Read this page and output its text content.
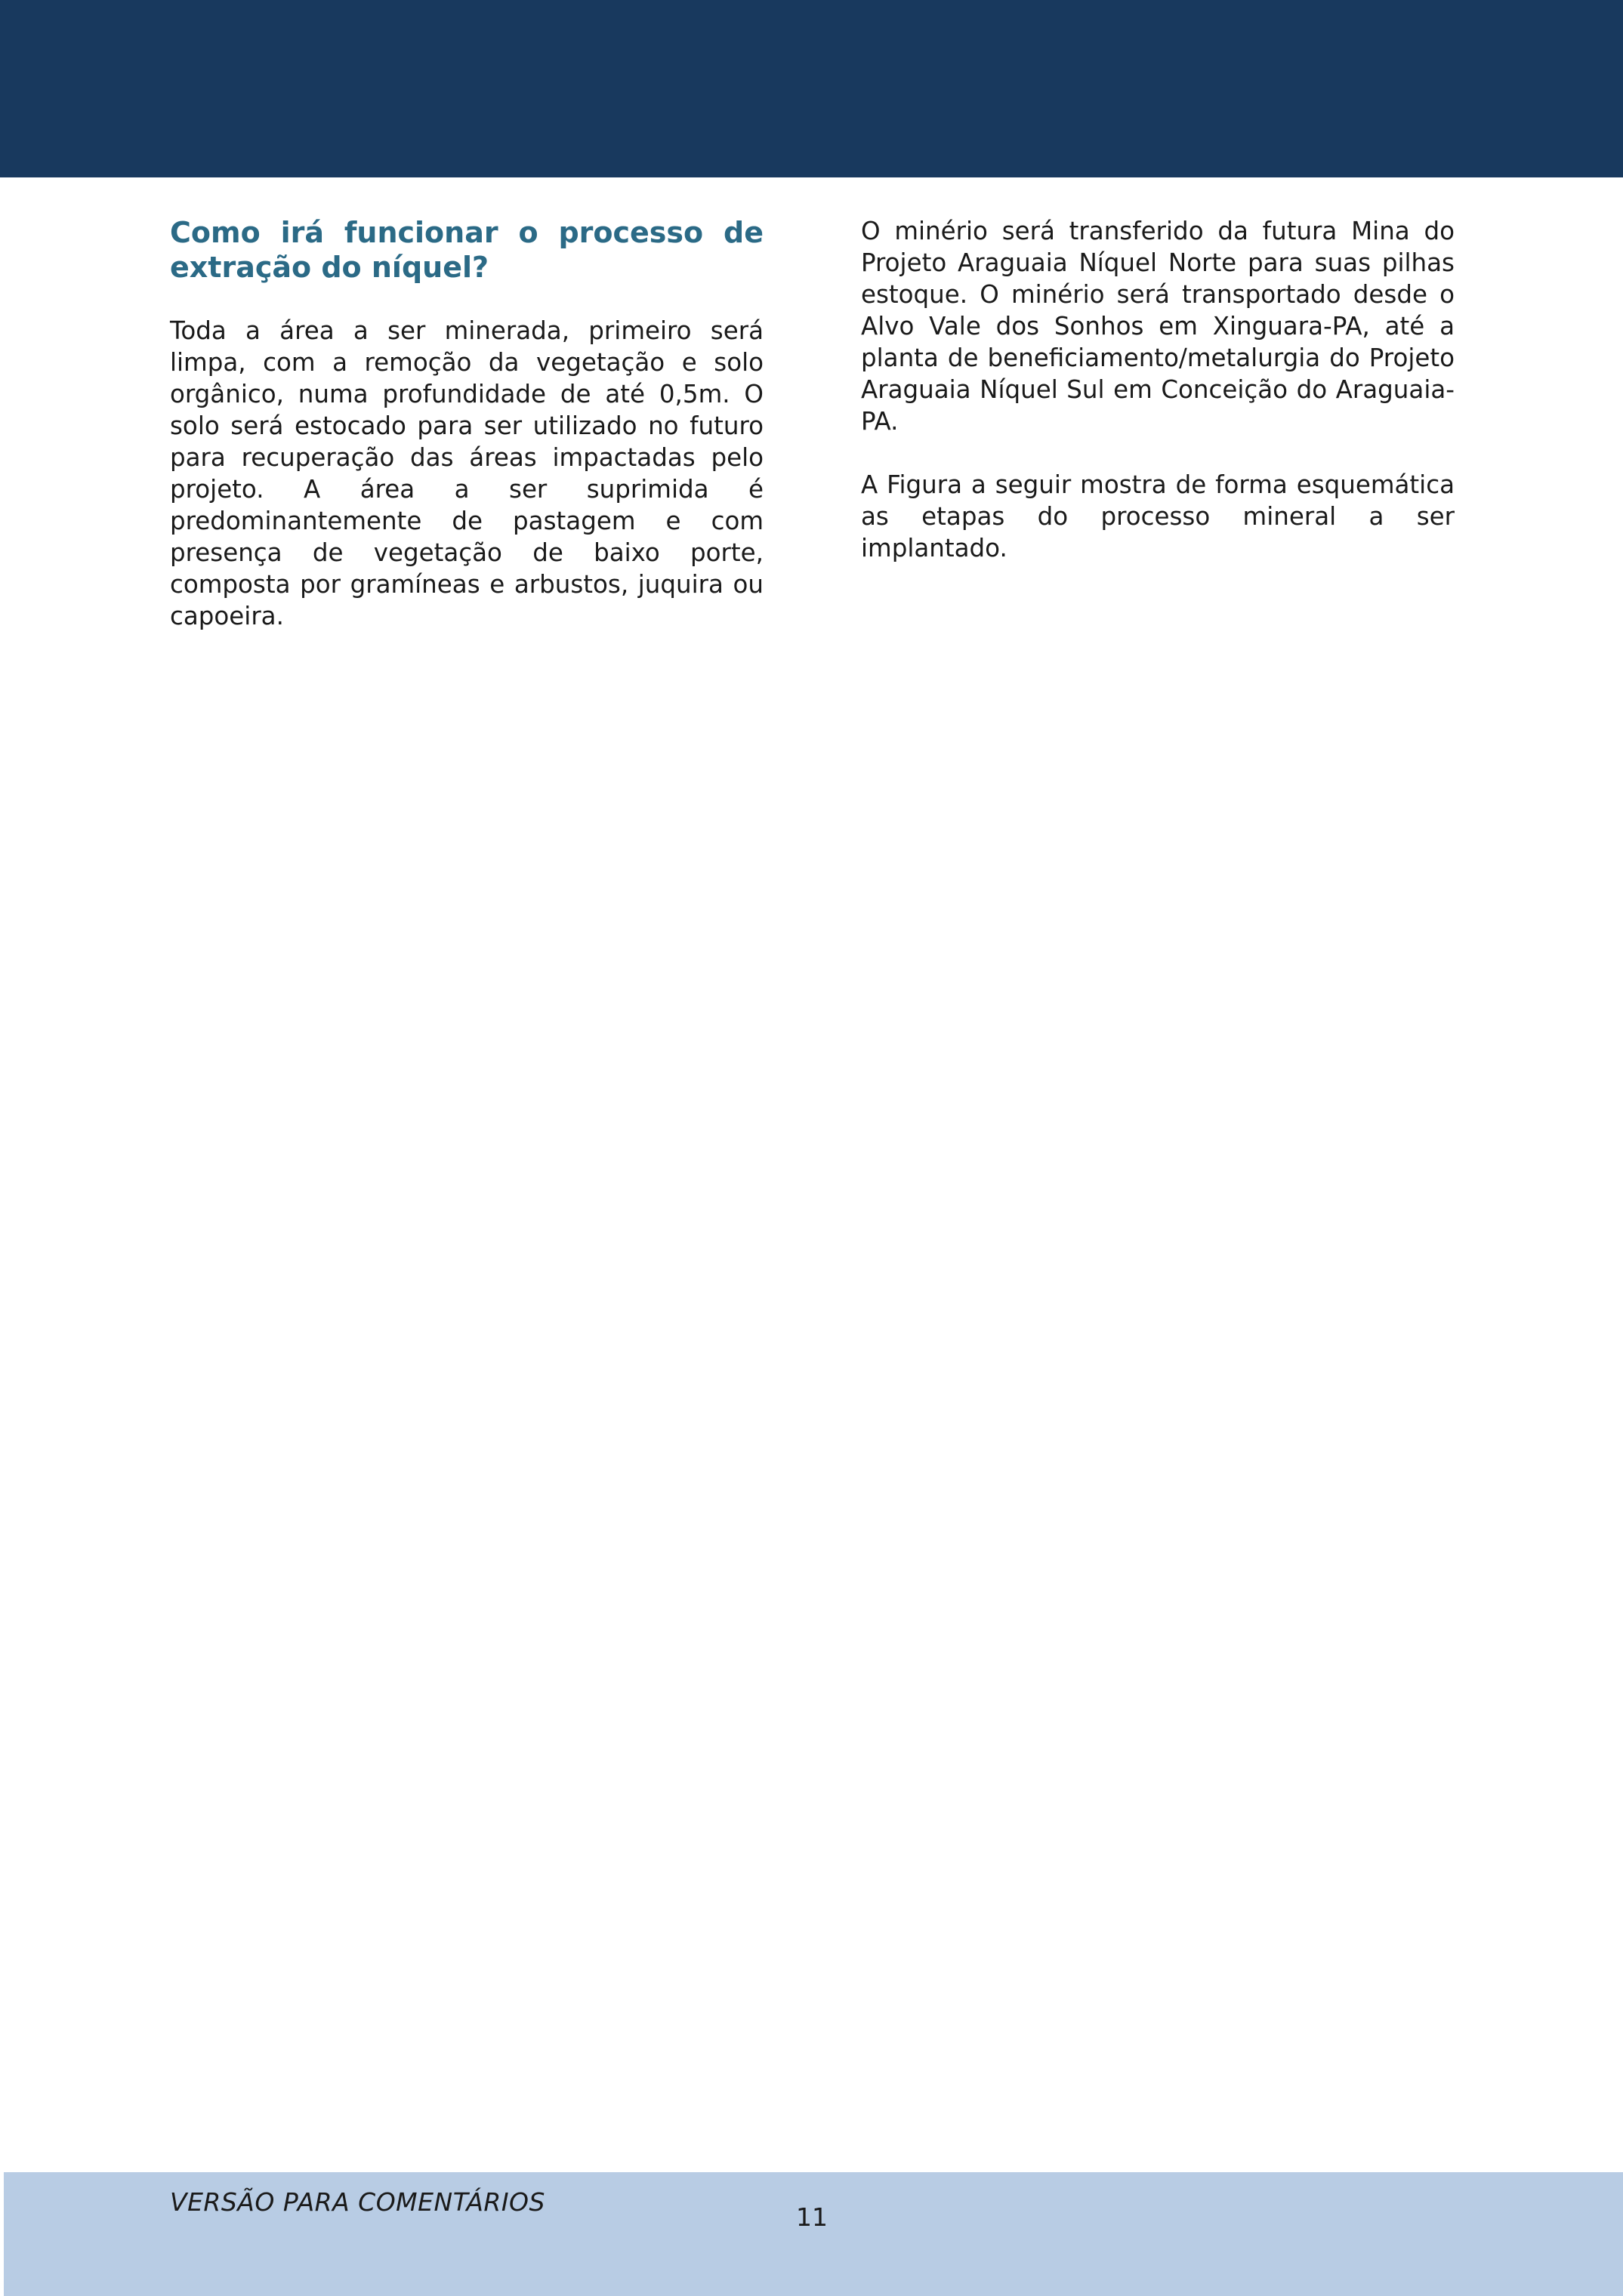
Como irá funcionar o processo de extração do níquel?

Toda a área a ser minerada, primeiro será limpa, com a remoção da vegetação e solo orgânico, numa profundidade de até 0,5m. O solo será estocado para ser utilizado no futuro para recuperação das áreas impactadas pelo projeto. A área a ser suprimida é predominantemente de pastagem e com presença de vegetação de baixo porte, composta por gramíneas e arbustos, juquira ou capoeira.

O minério será transferido da futura Mina do Projeto Araguaia Níquel Norte para suas pilhas estoque. O minério será transportado desde o Alvo Vale dos Sonhos em Xinguara-PA, até a planta de beneficiamento/metalurgia do Projeto Araguaia Níquel Sul em Conceição do Araguaia-PA.

A Figura a seguir mostra de forma esquemática as etapas do processo mineral a ser implantado.

VERSÃO PARA COMENTÁRIOS
11
